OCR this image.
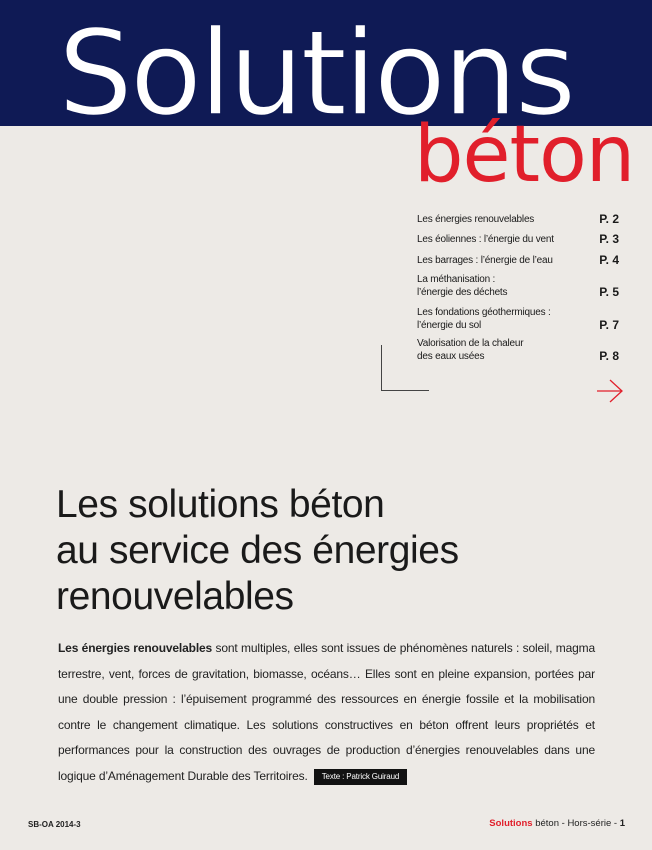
Solutions
béton
Les énergies renouvelables	P. 2
Les éoliennes : l’énergie du vent	P. 3
Les barrages : l’énergie de l’eau	P. 4
La méthanisation :
l’énergie des déchets	P. 5
Les fondations géothermiques :
l’énergie du sol	P. 7
Valorisation de la chaleur
des eaux usées	P. 8
Les solutions béton
au service des énergies
renouvelables
Les énergies renouvelables sont multiples, elles sont issues de phénomènes naturels : soleil, magma terrestre, vent, forces de gravitation, biomasse, océans… Elles sont en pleine expansion, portées par une double pression : l’épuisement programmé des ressources en énergie fossile et la mobilisation contre le changement climatique. Les solutions constructives en béton offrent leurs propriétés et performances pour la construction des ouvrages de production d’énergies renouvelables dans une logique d’Aménagement Durable des Territoires. Texte : Patrick Guiraud
SB-OA 2014-3	Solutions béton - Hors-série - 1
